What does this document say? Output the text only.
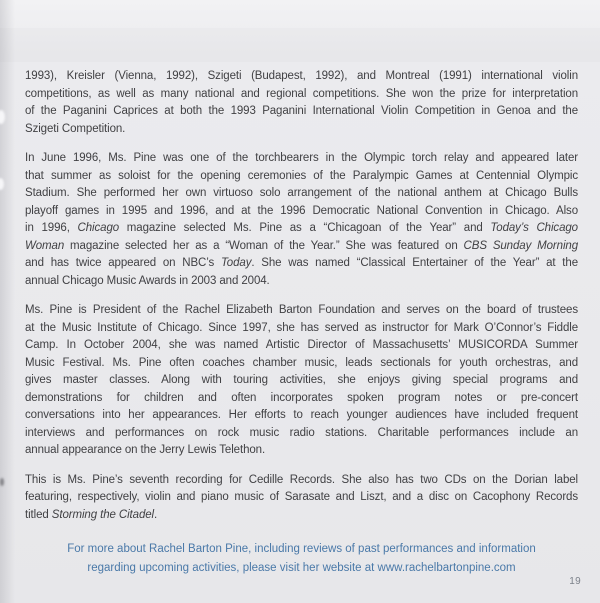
1993), Kreisler (Vienna, 1992), Szigeti (Budapest, 1992), and Montreal (1991) international violin
competitions, as well as many national and regional competitions. She won the prize for interpretation
of the Paganini Caprices at both the 1993 Paganini International Violin Competition in Genoa and the
Szigeti Competition.
In June 1996, Ms. Pine was one of the torchbearers in the Olympic torch relay and appeared later
that summer as soloist for the opening ceremonies of the Paralympic Games at Centennial Olympic
Stadium. She performed her own virtuoso solo arrangement of the national anthem at Chicago Bulls
playoff games in 1995 and 1996, and at the 1996 Democratic National Convention in Chicago. Also
in 1996, Chicago magazine selected Ms. Pine as a “Chicagoan of the Year” and Today’s Chicago
Woman magazine selected her as a “Woman of the Year.” She was featured on CBS Sunday Morning
and has twice appeared on NBC’s Today. She was named “Classical Entertainer of the Year” at the
annual Chicago Music Awards in 2003 and 2004.
Ms. Pine is President of the Rachel Elizabeth Barton Foundation and serves on the board of trustees
at the Music Institute of Chicago. Since 1997, she has served as instructor for Mark O’Connor’s Fiddle
Camp. In October 2004, she was named Artistic Director of Massachusetts’ MUSICORDA Summer
Music Festival. Ms. Pine often coaches chamber music, leads sectionals for youth orchestras, and
gives master classes. Along with touring activities, she enjoys giving special programs and
demonstrations for children and often incorporates spoken program notes or pre-concert
conversations into her appearances. Her efforts to reach younger audiences have included frequent
interviews and performances on rock music radio stations. Charitable performances include an
annual appearance on the Jerry Lewis Telethon.
This is Ms. Pine’s seventh recording for Cedille Records. She also has two CDs on the Dorian label
featuring, respectively, violin and piano music of Sarasate and Liszt, and a disc on Cacophony Records
titled Storming the Citadel.
For more about Rachel Barton Pine, including reviews of past performances and information
regarding upcoming activities, please visit her website at www.rachelbartonpine.com
19
